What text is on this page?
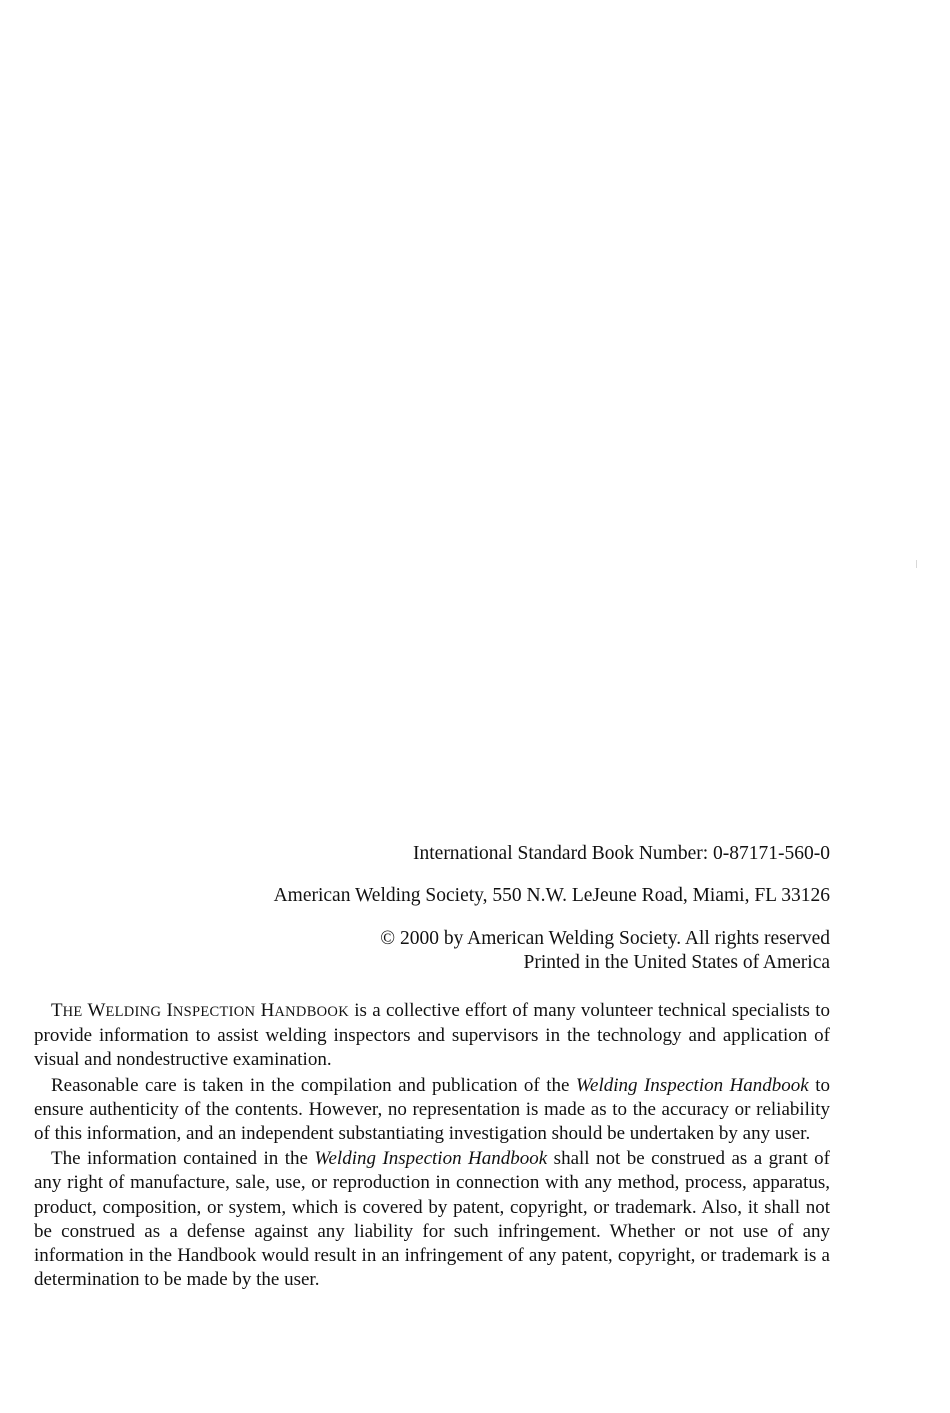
International Standard Book Number: 0-87171-560-0
American Welding Society, 550 N.W. LeJeune Road, Miami, FL 33126
© 2000 by American Welding Society. All rights reserved
Printed in the United States of America

THE WELDING INSPECTION HANDBOOK is a collective effort of many volunteer technical specialists to provide information to assist welding inspectors and supervisors in the technology and application of visual and nondestructive examination.

Reasonable care is taken in the compilation and publication of the Welding Inspection Handbook to ensure authenticity of the contents. However, no representation is made as to the accuracy or reliability of this information, and an independent substantiating investigation should be undertaken by any user.

The information contained in the Welding Inspection Handbook shall not be construed as a grant of any right of manufacture, sale, use, or reproduction in connection with any method, process, apparatus, product, composition, or system, which is covered by patent, copyright, or trademark. Also, it shall not be construed as a defense against any liability for such infringement. Whether or not use of any information in the Handbook would result in an infringement of any patent, copyright, or trademark is a determination to be made by the user.
